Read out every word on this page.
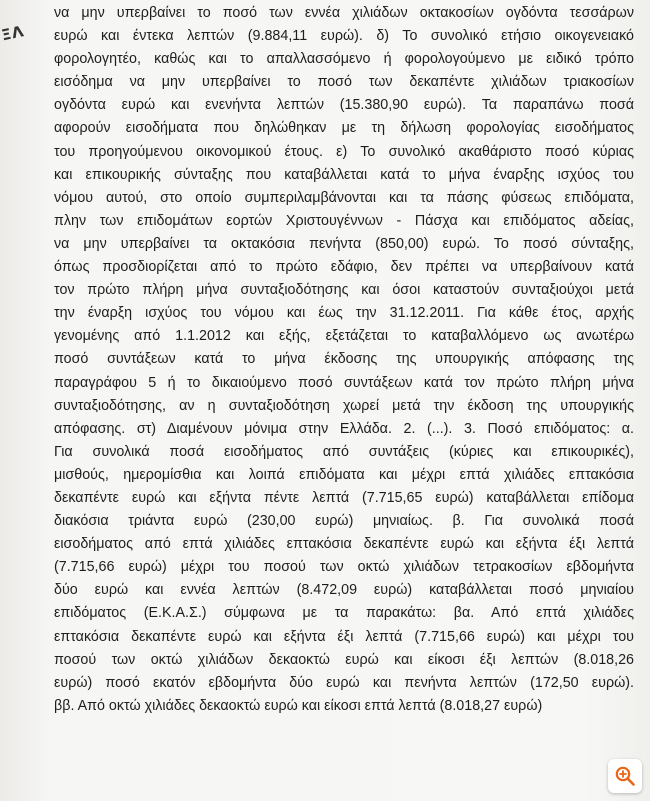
ΞΛ
να μην υπερβαίνει το ποσό των εννέα χιλιάδων οκτακοσίων ογδόντα τεσσάρων
ευρώ και έντεκα λεπτών (9.884,11 ευρώ). δ) Το συνολικό ετήσιο οικογενειακό
φορολογητέο, καθώς και το απαλλασσόμενο ή φορολογούμενο με ειδικό τρόπο
εισόδημα να μην υπερβαίνει το ποσό των δεκαπέντε χιλιάδων τριακοσίων
ογδόντα ευρώ και ενενήντα λεπτών (15.380,90 ευρώ). Τα παραπάνω ποσά
αφορούν εισοδήματα που δηλώθηκαν με τη δήλωση φορολογίας εισοδήματος
του προηγούμενου οικονομικού έτους. ε) Το συνολικό ακαθάριστο ποσό κύριας
και επικουρικής σύνταξης που καταβάλλεται κατά το μήνα έναρξης ισχύος του
νόμου αυτού, στο οποίο συμπεριλαμβάνονται και τα πάσης φύσεως επιδόματα,
πλην των επιδομάτων εορτών Χριστουγέννων - Πάσχα και επιδόματος αδείας,
να μην υπερβαίνει τα οκτακόσια πενήντα (850,00) ευρώ. Το ποσό σύνταξης,
όπως προσδιορίζεται από το πρώτο εδάφιο, δεν πρέπει να υπερβαίνουν κατά
τον πρώτο πλήρη μήνα συνταξιοδότησης και όσοι καταστούν συνταξιούχοι μετά
την έναρξη ισχύος του νόμου και έως την 31.12.2011. Για κάθε έτος, αρχής
γενομένης από 1.1.2012 και εξής, εξετάζεται το καταβαλλόμενο ως ανωτέρω
ποσό συντάξεων κατά το μήνα έκδοσης της υπουργικής απόφασης της
παραγράφου 5 ή το δικαιούμενο ποσό συντάξεων κατά τον πρώτο πλήρη μήνα
συνταξιοδότησης, αν η συνταξιοδότηση χωρεί μετά την έκδοση της υπουργικής
απόφασης. στ) Διαμένουν μόνιμα στην Ελλάδα. 2. (...). 3. Ποσό επιδόματος: α.
Για συνολικά ποσά εισοδήματος από συντάξεις (κύριες και επικουρικές),
μισθούς, ημερομίσθια και λοιπά επιδόματα και μέχρι επτά χιλιάδες επτακόσια
δεκαπέντε ευρώ και εξήντα πέντε λεπτά (7.715,65 ευρώ) καταβάλλεται επίδομα
διακόσια τριάντα ευρώ (230,00 ευρώ) μηνιαίως. β. Για συνολικά ποσά
εισοδήματος από επτά χιλιάδες επτακόσια δεκαπέντε ευρώ και εξήντα έξι λεπτά
(7.715,66 ευρώ) μέχρι του ποσού των οκτώ χιλιάδων τετρακοσίων εβδομήντα
δύο ευρώ και εννέα λεπτών (8.472,09 ευρώ) καταβάλλεται ποσό μηνιαίου
επιδόματος (Ε.Κ.Α.Σ.) σύμφωνα με τα παρακάτω: βα. Από επτά χιλιάδες
επτακόσια δεκαπέντε ευρώ και εξήντα έξι λεπτά (7.715,66 ευρώ) και μέχρι του
ποσού των οκτώ χιλιάδων δεκαοκτώ ευρώ και είκοσι έξι λεπτών (8.018,26
ευρώ) ποσό εκατόν εβδομήντα δύο ευρώ και πενήντα λεπτών (172,50 ευρώ).
ββ. Από οκτώ χιλιάδες δεκαοκτώ ευρώ και είκοσι επτά λεπτά (8.018,27 ευρώ)
